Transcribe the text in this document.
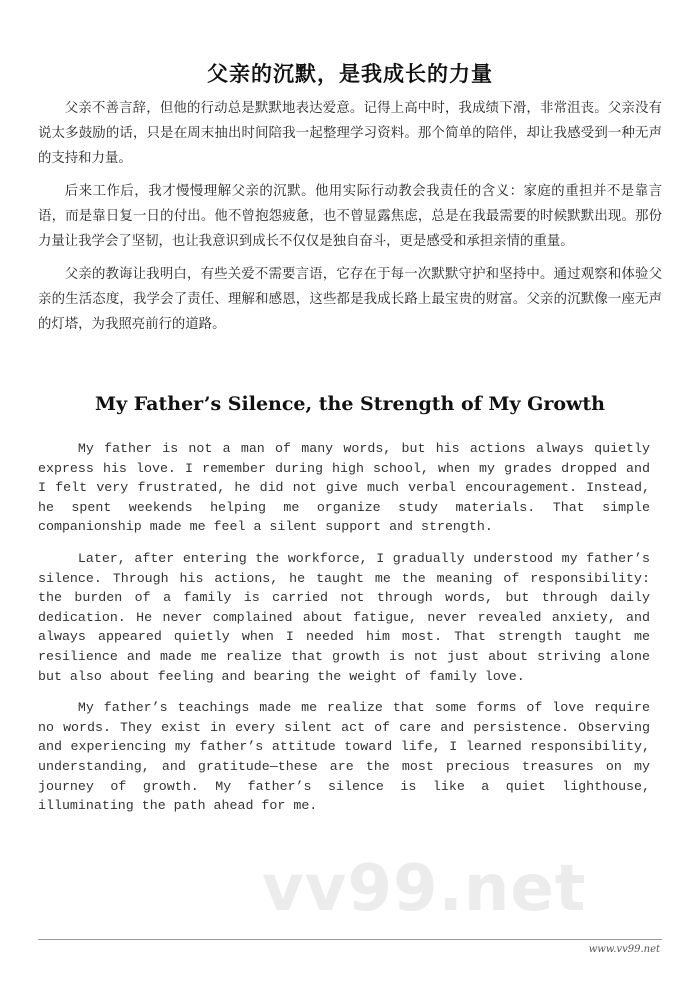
父亲的沉默，是我成长的力量

父亲不善言辞，但他的行动总是默默地表达爱意。记得上高中时，我成绩下滑，非常沮丧。父亲没有说太多鼓励的话，只是在周末抽出时间陪我一起整理学习资料。那个简单的陪伴，却让我感受到一种无声的支持和力量。

后来工作后，我才慢慢理解父亲的沉默。他用实际行动教会我责任的含义：家庭的重担并不是靠言语，而是靠日复一日的付出。他不曾抱怨疲惫，也不曾显露焦虑，总是在我最需要的时候默默出现。那份力量让我学会了坚韧，也让我意识到成长不仅仅是独自奋斗，更是感受和承担亲情的重量。

父亲的教诲让我明白，有些关爱不需要言语，它存在于每一次默默守护和坚持中。通过观察和体验父亲的生活态度，我学会了责任、理解和感恩，这些都是我成长路上最宝贵的财富。父亲的沉默像一座无声的灯塔，为我照亮前行的道路。

My Father’s Silence, the Strength of My Growth

My father is not a man of many words, but his actions always quietly express his love. I remember during high school, when my grades dropped and I felt very frustrated, he did not give much verbal encouragement. Instead, he spent weekends helping me organize study materials. That simple companionship made me feel a silent support and strength.

Later, after entering the workforce, I gradually understood my father’s silence. Through his actions, he taught me the meaning of responsibility: the burden of a family is carried not through words, but through daily dedication. He never complained about fatigue, never revealed anxiety, and always appeared quietly when I needed him most. That strength taught me resilience and made me realize that growth is not just about striving alone but also about feeling and bearing the weight of family love.

My father’s teachings made me realize that some forms of love require no words. They exist in every silent act of care and persistence. Observing and experiencing my father’s attitude toward life, I learned responsibility, understanding, and gratitude—these are the most precious treasures on my journey of growth. My father’s silence is like a quiet lighthouse, illuminating the path ahead for me.

vv99.net
www.vv99.net
